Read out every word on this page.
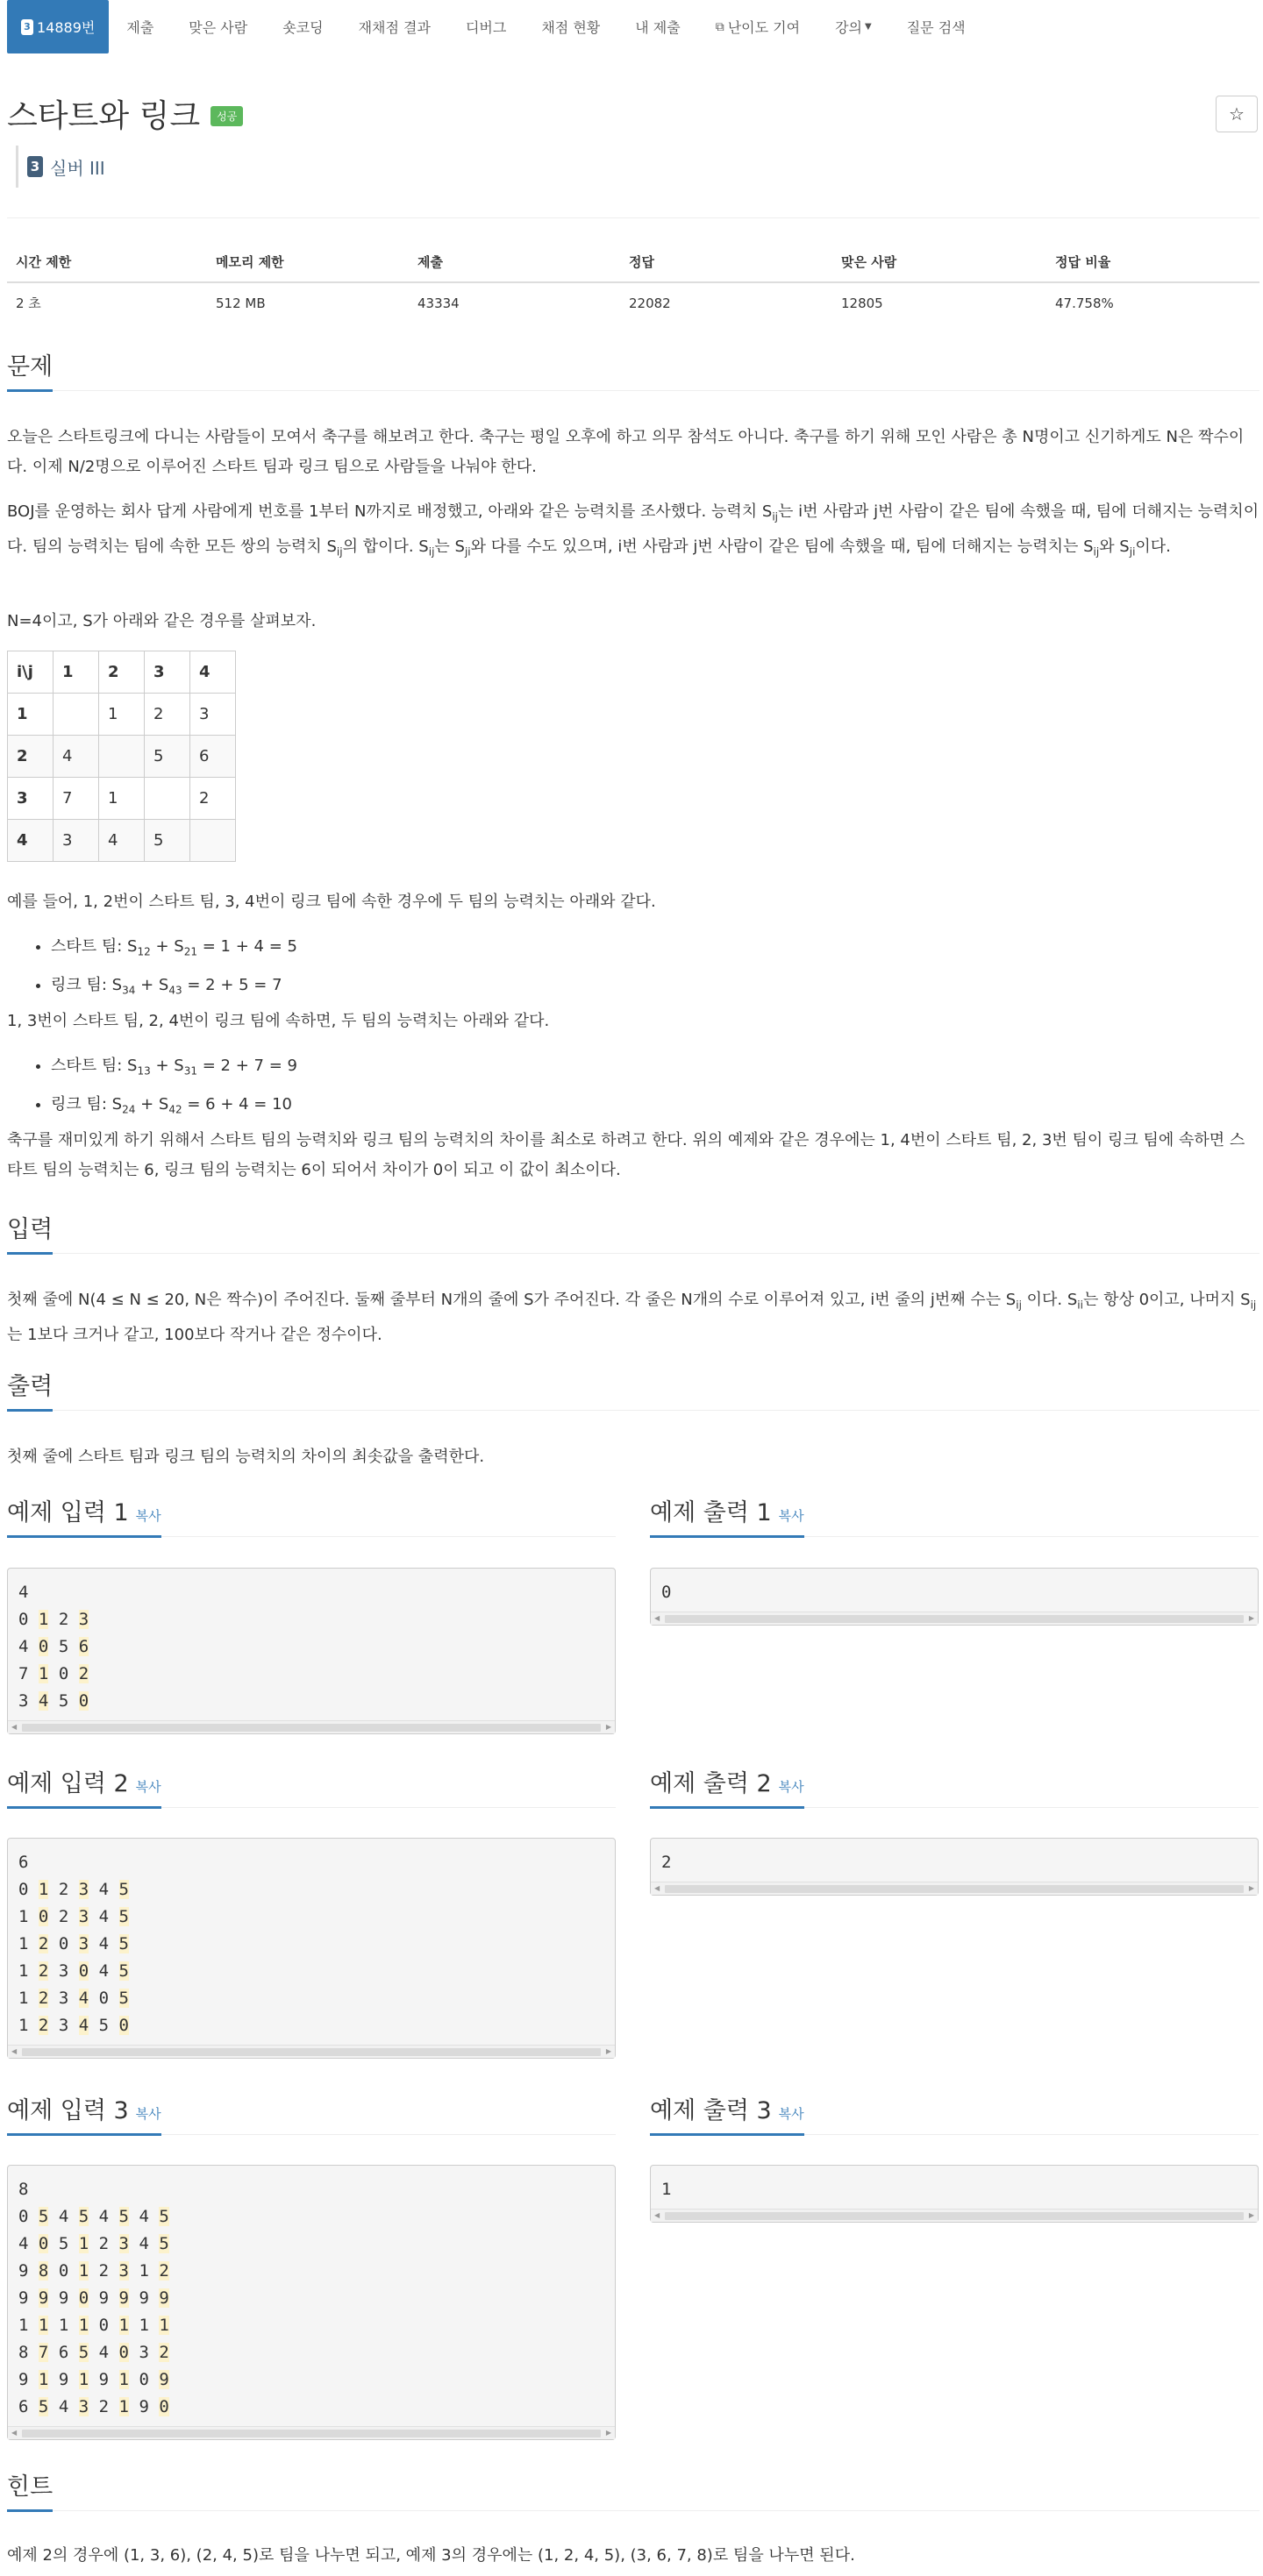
3 14889번	제출	맞은 사람	숏코딩	재채점 결과	디버그	채점 현황	내 제출	⧉ 난이도 기여	강의 ▼	질문 검색
스타트와 링크	성공	☆
3 실버 III
시간 제한	메모리 제한	제출	정답	맞은 사람	정답 비율
2 초	512 MB	43334	22082	12805	47.758%
문제

오늘은 스타트링크에 다니는 사람들이 모여서 축구를 해보려고 한다. 축구는 평일 오후에 하고 의무 참석도 아니다. 축구를 하기 위해 모인 사람은 총 N명이고 신기하게도 N은 짝수이다. 이제 N/2명으로 이루어진 스타트 팀과 링크 팀으로 사람들을 나눠야 한다.

BOJ를 운영하는 회사 답게 사람에게 번호를 1부터 N까지로 배정했고, 아래와 같은 능력치를 조사했다. 능력치 $S_{ij}$는 i번 사람과 j번 사람이 같은 팀에 속했을 때, 팀에 더해지는 능력치이다. 팀의 능력치는 팀에 속한 모든 쌍의 능력치 $S_{ij}$의 합이다. $S_{ij}$는 $S_{ji}$와 다를 수도 있으며, i번 사람과 j번 사람이 같은 팀에 속했을 때, 팀에 더해지는 능력치는 $S_{ij}$와 $S_{ji}$이다.

N=4이고, S가 아래와 같은 경우를 살펴보자.

i\j	1	2	3	4
1		1	2	3
2	4		5	6
3	7	1		2
4	3	4	5	

예를 들어, 1, 2번이 스타트 팀, 3, 4번이 링크 팀에 속한 경우에 두 팀의 능력치는 아래와 같다.

• 스타트 팀: $S_{12} + S_{21} = 1 + 4 = 5$
• 링크 팀: $S_{34} + S_{43} = 2 + 5 = 7$

1, 3번이 스타트 팀, 2, 4번이 링크 팀에 속하면, 두 팀의 능력치는 아래와 같다.

• 스타트 팀: $S_{13} + S_{31} = 2 + 7 = 9$
• 링크 팀: $S_{24} + S_{42} = 6 + 4 = 10$

축구를 재미있게 하기 위해서 스타트 팀의 능력치와 링크 팀의 능력치의 차이를 최소로 하려고 한다. 위의 예제와 같은 경우에는 1, 4번이 스타트 팀, 2, 3번 팀이 링크 팀에 속하면 스타트 팀의 능력치는 6, 링크 팀의 능력치는 6이 되어서 차이가 0이 되고 이 값이 최소이다.

입력

첫째 줄에 N(4 ≤ N ≤ 20, N은 짝수)이 주어진다. 둘째 줄부터 N개의 줄에 S가 주어진다. 각 줄은 N개의 수로 이루어져 있고, i번 줄의 j번째 수는 $S_{ij}$ 이다. $S_{ii}$는 항상 0이고, 나머지 $S_{ij}$는 1보다 크거나 같고, 100보다 작거나 같은 정수이다.

출력

첫째 줄에 스타트 팀과 링크 팀의 능력치의 차이의 최솟값을 출력한다.

예제 입력 1 복사	예제 출력 1 복사
4
0 1 2 3
4 0 5 6
7 1 0 2
3 4 5 0
◀	▶
0
◀	▶
예제 입력 2 복사	예제 출력 2 복사
6
0 1 2 3 4 5
1 0 2 3 4 5
1 2 0 3 4 5
1 2 3 0 4 5
1 2 3 4 0 5
1 2 3 4 5 0
◀	▶
2
◀	▶
예제 입력 3 복사	예제 출력 3 복사
8
0 5 4 5 4 5 4 5
4 0 5 1 2 3 4 5
9 8 0 1 2 3 1 2
9 9 9 0 9 9 9 9
1 1 1 1 0 1 1 1
8 7 6 5 4 0 3 2
9 1 9 1 9 1 0 9
6 5 4 3 2 1 9 0
◀	▶
1
◀	▶
힌트

예제 2의 경우에 (1, 3, 6), (2, 4, 5)로 팀을 나누면 되고, 예제 3의 경우에는 (1, 2, 4, 5), (3, 6, 7, 8)로 팀을 나누면 된다.
